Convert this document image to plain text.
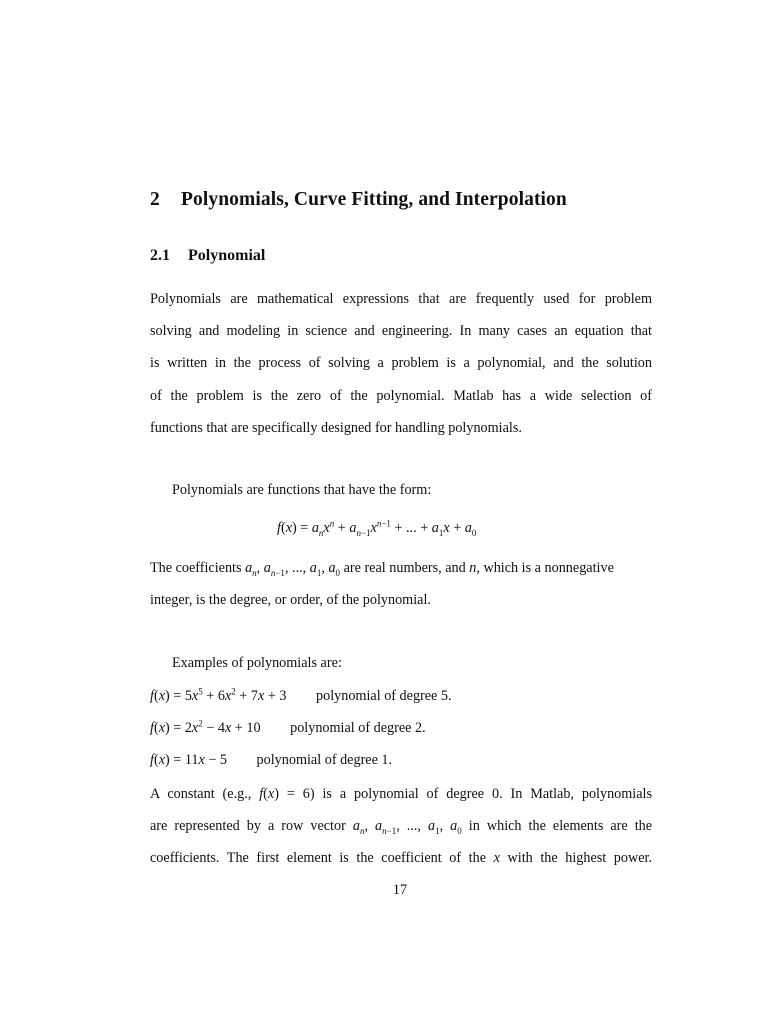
2 Polynomials, Curve Fitting, and Interpolation
2.1 Polynomial
Polynomials are mathematical expressions that are frequently used for problem
solving and modeling in science and engineering. In many cases an equation that
is written in the process of solving a problem is a polynomial, and the solution
of the problem is the zero of the polynomial. Matlab has a wide selection of
functions that are specifically designed for handling polynomials.
Polynomials are functions that have the form:
$f(x) = a_nx^n + a_{n-1}x^{n-1}$ + ... + $a_1x + a_0$
The coefficients $a_n$, $a_{n-1}$, ..., $a_1$, $a_0$ are real numbers, and n, which is a nonnegative
integer, is the degree, or order, of the polynomial.
Examples of polynomials are:
$f(x) = 5x^5 + 6x^2 + 7x + 3$ polynomial of degree 5.
$f(x) = 2x^2 - 4x + 10$ polynomial of degree 2.
f(x) = 11x − 5 polynomial of degree 1.
A constant (e.g., f(x) = 6) is a polynomial of degree 0. In Matlab, polynomials
are represented by a row vector $a_n$, $a_{n-1}$, ..., $a_1$, $a_0$ in which the elements are the
coefficients. The first element is the coefficient of the x with the highest power.
17
